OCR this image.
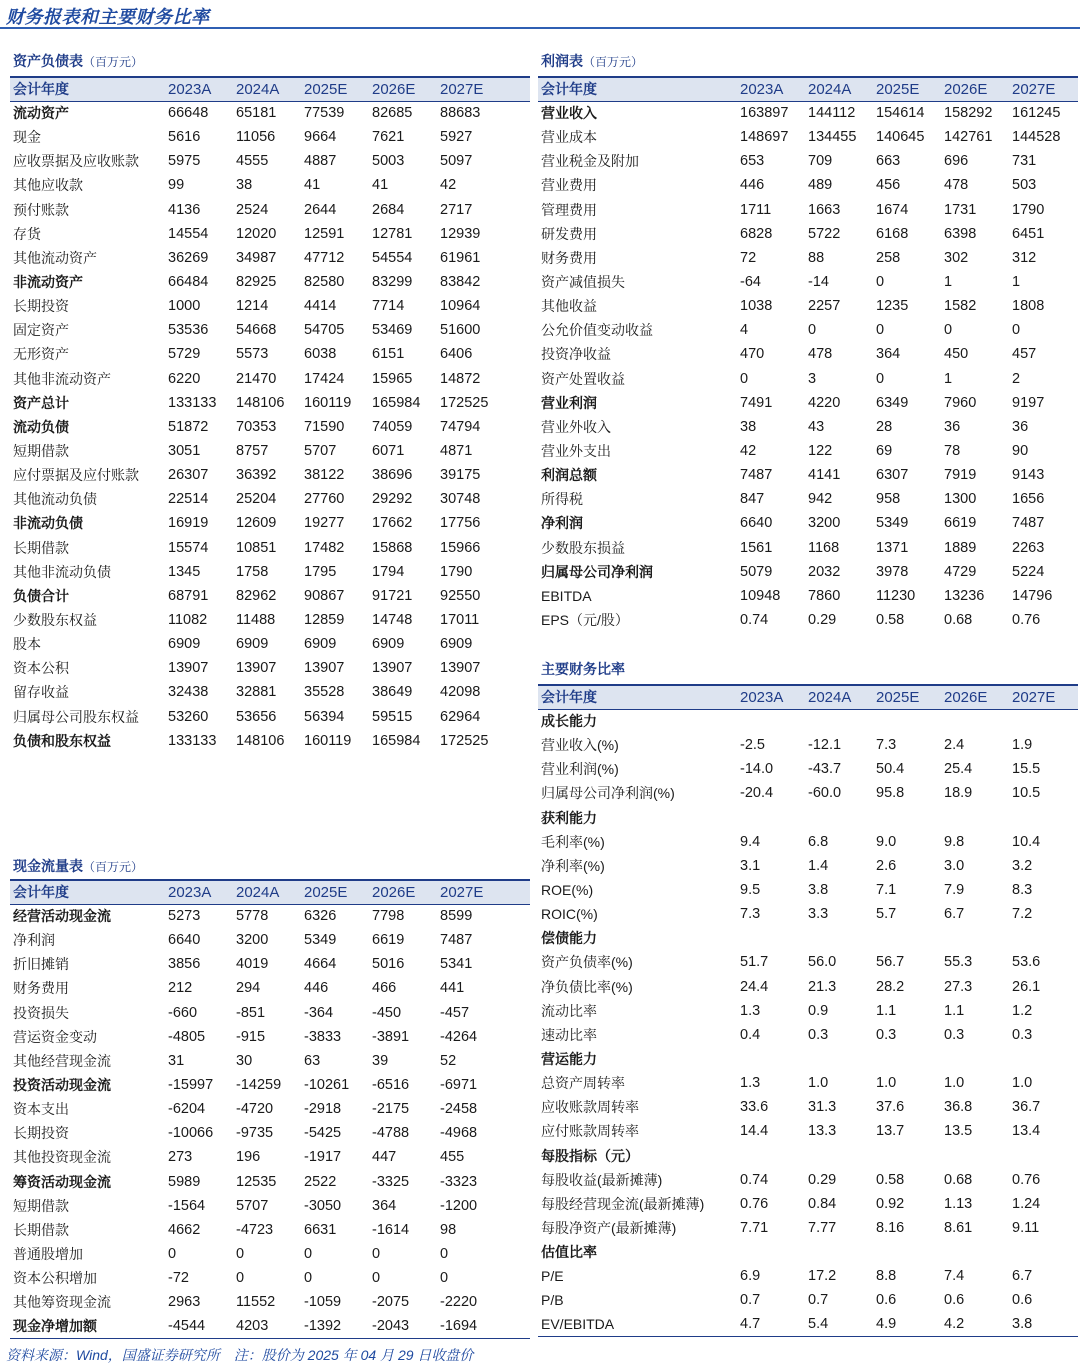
财务报表和主要财务比率
资产负债表（百万元）
会计年度	2023A	2024A	2025E	2026E	2027E
流动资产	66648	65181	77539	82685	88683
现金	5616	11056	9664	7621	5927
应收票据及应收账款	5975	4555	4887	5003	5097
其他应收款	99	38	41	41	42
预付账款	4136	2524	2644	2684	2717
存货	14554	12020	12591	12781	12939
其他流动资产	36269	34987	47712	54554	61961
非流动资产	66484	82925	82580	83299	83842
长期投资	1000	1214	4414	7714	10964
固定资产	53536	54668	54705	53469	51600
无形资产	5729	5573	6038	6151	6406
其他非流动资产	6220	21470	17424	15965	14872
资产总计	133133	148106	160119	165984	172525
流动负债	51872	70353	71590	74059	74794
短期借款	3051	8757	5707	6071	4871
应付票据及应付账款	26307	36392	38122	38696	39175
其他流动负债	22514	25204	27760	29292	30748
非流动负债	16919	12609	19277	17662	17756
长期借款	15574	10851	17482	15868	15966
其他非流动负债	1345	1758	1795	1794	1790
负债合计	68791	82962	90867	91721	92550
少数股东权益	11082	11488	12859	14748	17011
股本	6909	6909	6909	6909	6909
资本公积	13907	13907	13907	13907	13907
留存收益	32438	32881	35528	38649	42098
归属母公司股东权益	53260	53656	56394	59515	62964
负债和股东权益	133133	148106	160119	165984	172525
现金流量表（百万元）
会计年度	2023A	2024A	2025E	2026E	2027E
经营活动现金流	5273	5778	6326	7798	8599
净利润	6640	3200	5349	6619	7487
折旧摊销	3856	4019	4664	5016	5341
财务费用	212	294	446	466	441
投资损失	-660	-851	-364	-450	-457
营运资金变动	-4805	-915	-3833	-3891	-4264
其他经营现金流	31	30	63	39	52
投资活动现金流	-15997	-14259	-10261	-6516	-6971
资本支出	-6204	-4720	-2918	-2175	-2458
长期投资	-10066	-9735	-5425	-4788	-4968
其他投资现金流	273	196	-1917	447	455
筹资活动现金流	5989	12535	2522	-3325	-3323
短期借款	-1564	5707	-3050	364	-1200
长期借款	4662	-4723	6631	-1614	98
普通股增加	0	0	0	0	0
资本公积增加	-72	0	0	0	0
其他筹资现金流	2963	11552	-1059	-2075	-2220
现金净增加额	-4544	4203	-1392	-2043	-1694
利润表（百万元）
会计年度	2023A	2024A	2025E	2026E	2027E
营业收入	163897	144112	154614	158292	161245
营业成本	148697	134455	140645	142761	144528
营业税金及附加	653	709	663	696	731
营业费用	446	489	456	478	503
管理费用	1711	1663	1674	1731	1790
研发费用	6828	5722	6168	6398	6451
财务费用	72	88	258	302	312
资产减值损失	-64	-14	0	1	1
其他收益	1038	2257	1235	1582	1808
公允价值变动收益	4	0	0	0	0
投资净收益	470	478	364	450	457
资产处置收益	0	3	0	1	2
营业利润	7491	4220	6349	7960	9197
营业外收入	38	43	28	36	36
营业外支出	42	122	69	78	90
利润总额	7487	4141	6307	7919	9143
所得税	847	942	958	1300	1656
净利润	6640	3200	5349	6619	7487
少数股东损益	1561	1168	1371	1889	2263
归属母公司净利润	5079	2032	3978	4729	5224
EBITDA	10948	7860	11230	13236	14796
EPS（元/股）	0.74	0.29	0.58	0.68	0.76
主要财务比率
会计年度	2023A	2024A	2025E	2026E	2027E
成长能力					
营业收入(%)	-2.5	-12.1	7.3	2.4	1.9
营业利润(%)	-14.0	-43.7	50.4	25.4	15.5
归属母公司净利润(%)	-20.4	-60.0	95.8	18.9	10.5
获利能力					
毛利率(%)	9.4	6.8	9.0	9.8	10.4
净利率(%)	3.1	1.4	2.6	3.0	3.2
ROE(%)	9.5	3.8	7.1	7.9	8.3
ROIC(%)	7.3	3.3	5.7	6.7	7.2
偿债能力					
资产负债率(%)	51.7	56.0	56.7	55.3	53.6
净负债比率(%)	24.4	21.3	28.2	27.3	26.1
流动比率	1.3	0.9	1.1	1.1	1.2
速动比率	0.4	0.3	0.3	0.3	0.3
营运能力					
总资产周转率	1.3	1.0	1.0	1.0	1.0
应收账款周转率	33.6	31.3	37.6	36.8	36.7
应付账款周转率	14.4	13.3	13.7	13.5	13.4
每股指标（元）					
每股收益(最新摊薄)	0.74	0.29	0.58	0.68	0.76
每股经营现金流(最新摊薄)	0.76	0.84	0.92	1.13	1.24
每股净资产(最新摊薄)	7.71	7.77	8.16	8.61	9.11
估值比率					
P/E	6.9	17.2	8.8	7.4	6.7
P/B	0.7	0.7	0.6	0.6	0.6
EV/EBITDA	4.7	5.4	4.9	4.2	3.8
资料来源：Wind，国盛证券研究所 注：股价为 2025 年 04 月 29 日收盘价
